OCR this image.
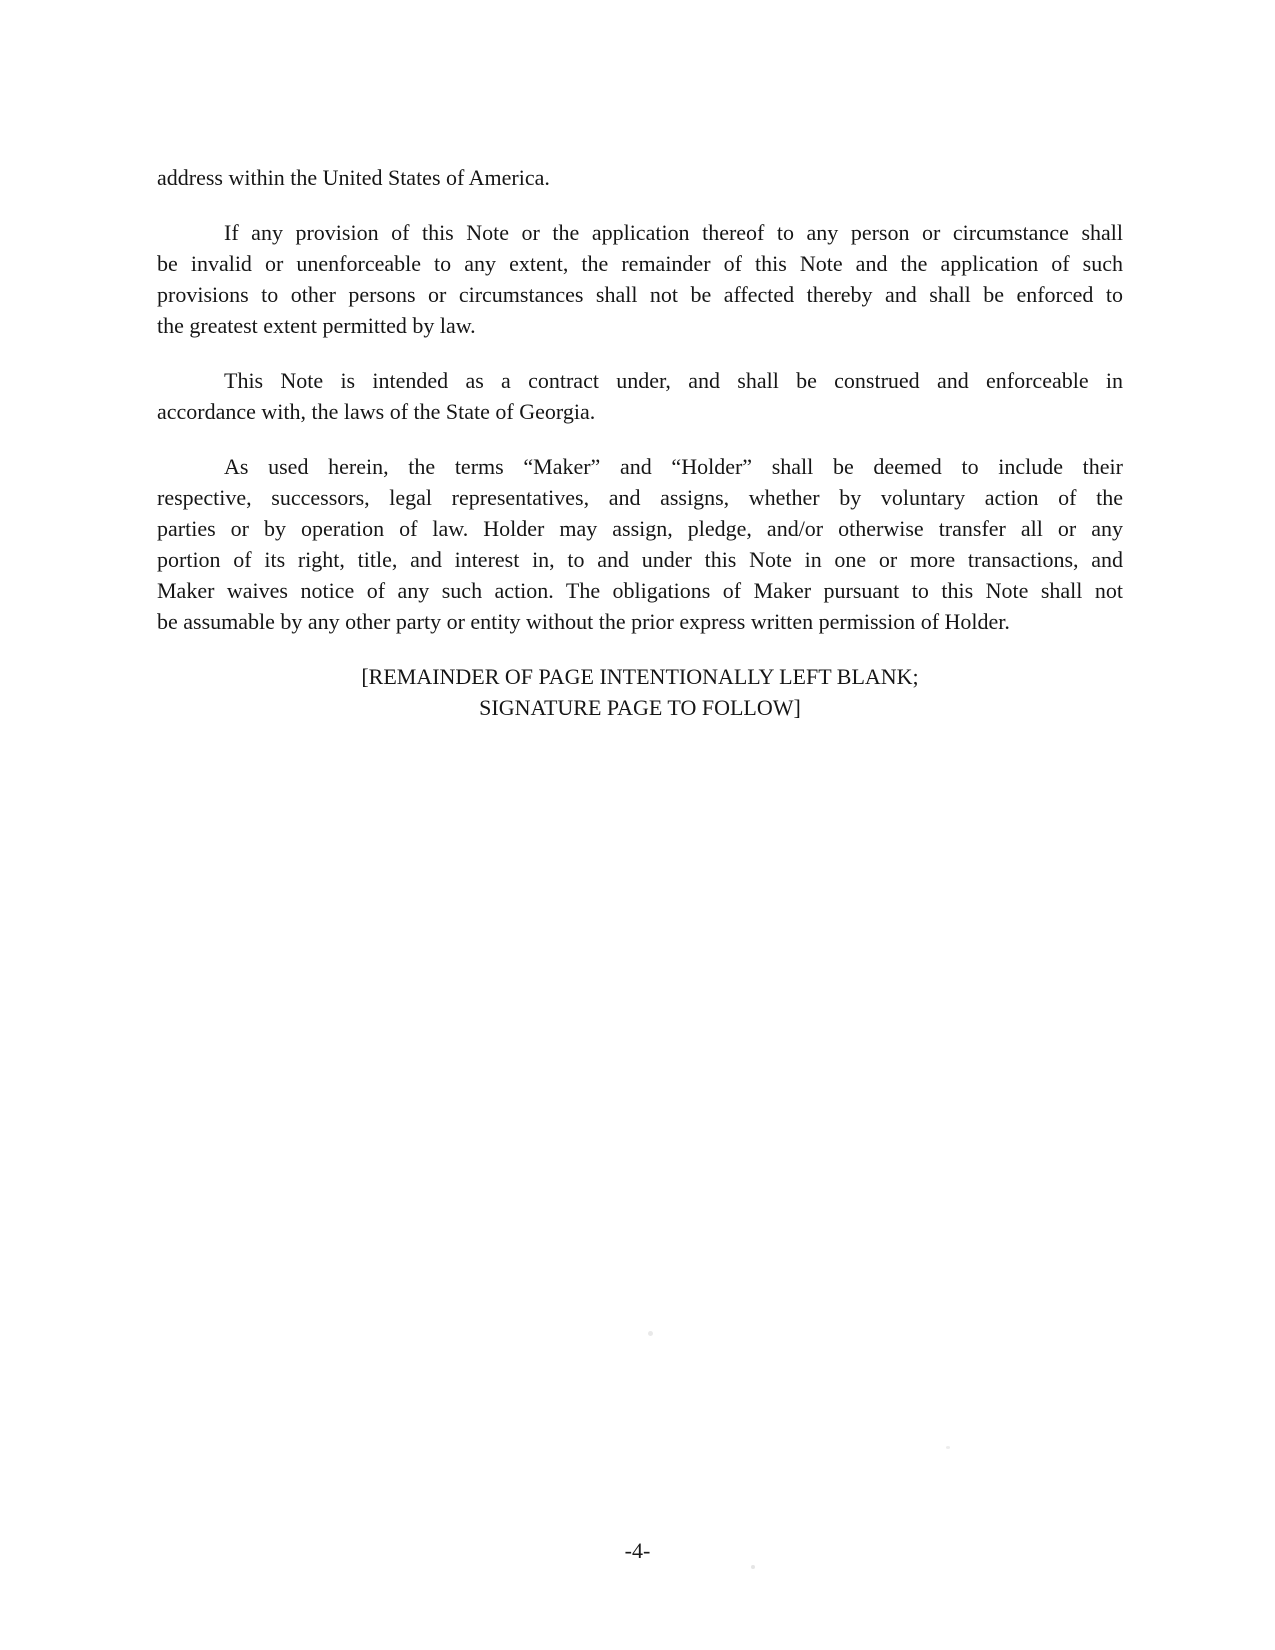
address within the United States of America.
If any provision of this Note or the application thereof to any person or circumstance shall
be invalid or unenforceable to any extent, the remainder of this Note and the application of such
provisions to other persons or circumstances shall not be affected thereby and shall be enforced to
the greatest extent permitted by law.
This Note is intended as a contract under, and shall be construed and enforceable in
accordance with, the laws of the State of Georgia.
As used herein, the terms “Maker” and “Holder” shall be deemed to include their
respective, successors, legal representatives, and assigns, whether by voluntary action of the
parties or by operation of law. Holder may assign, pledge, and/or otherwise transfer all or any
portion of its right, title, and interest in, to and under this Note in one or more transactions, and
Maker waives notice of any such action. The obligations of Maker pursuant to this Note shall not
be assumable by any other party or entity without the prior express written permission of Holder.
[REMAINDER OF PAGE INTENTIONALLY LEFT BLANK;
SIGNATURE PAGE TO FOLLOW]
-4-
